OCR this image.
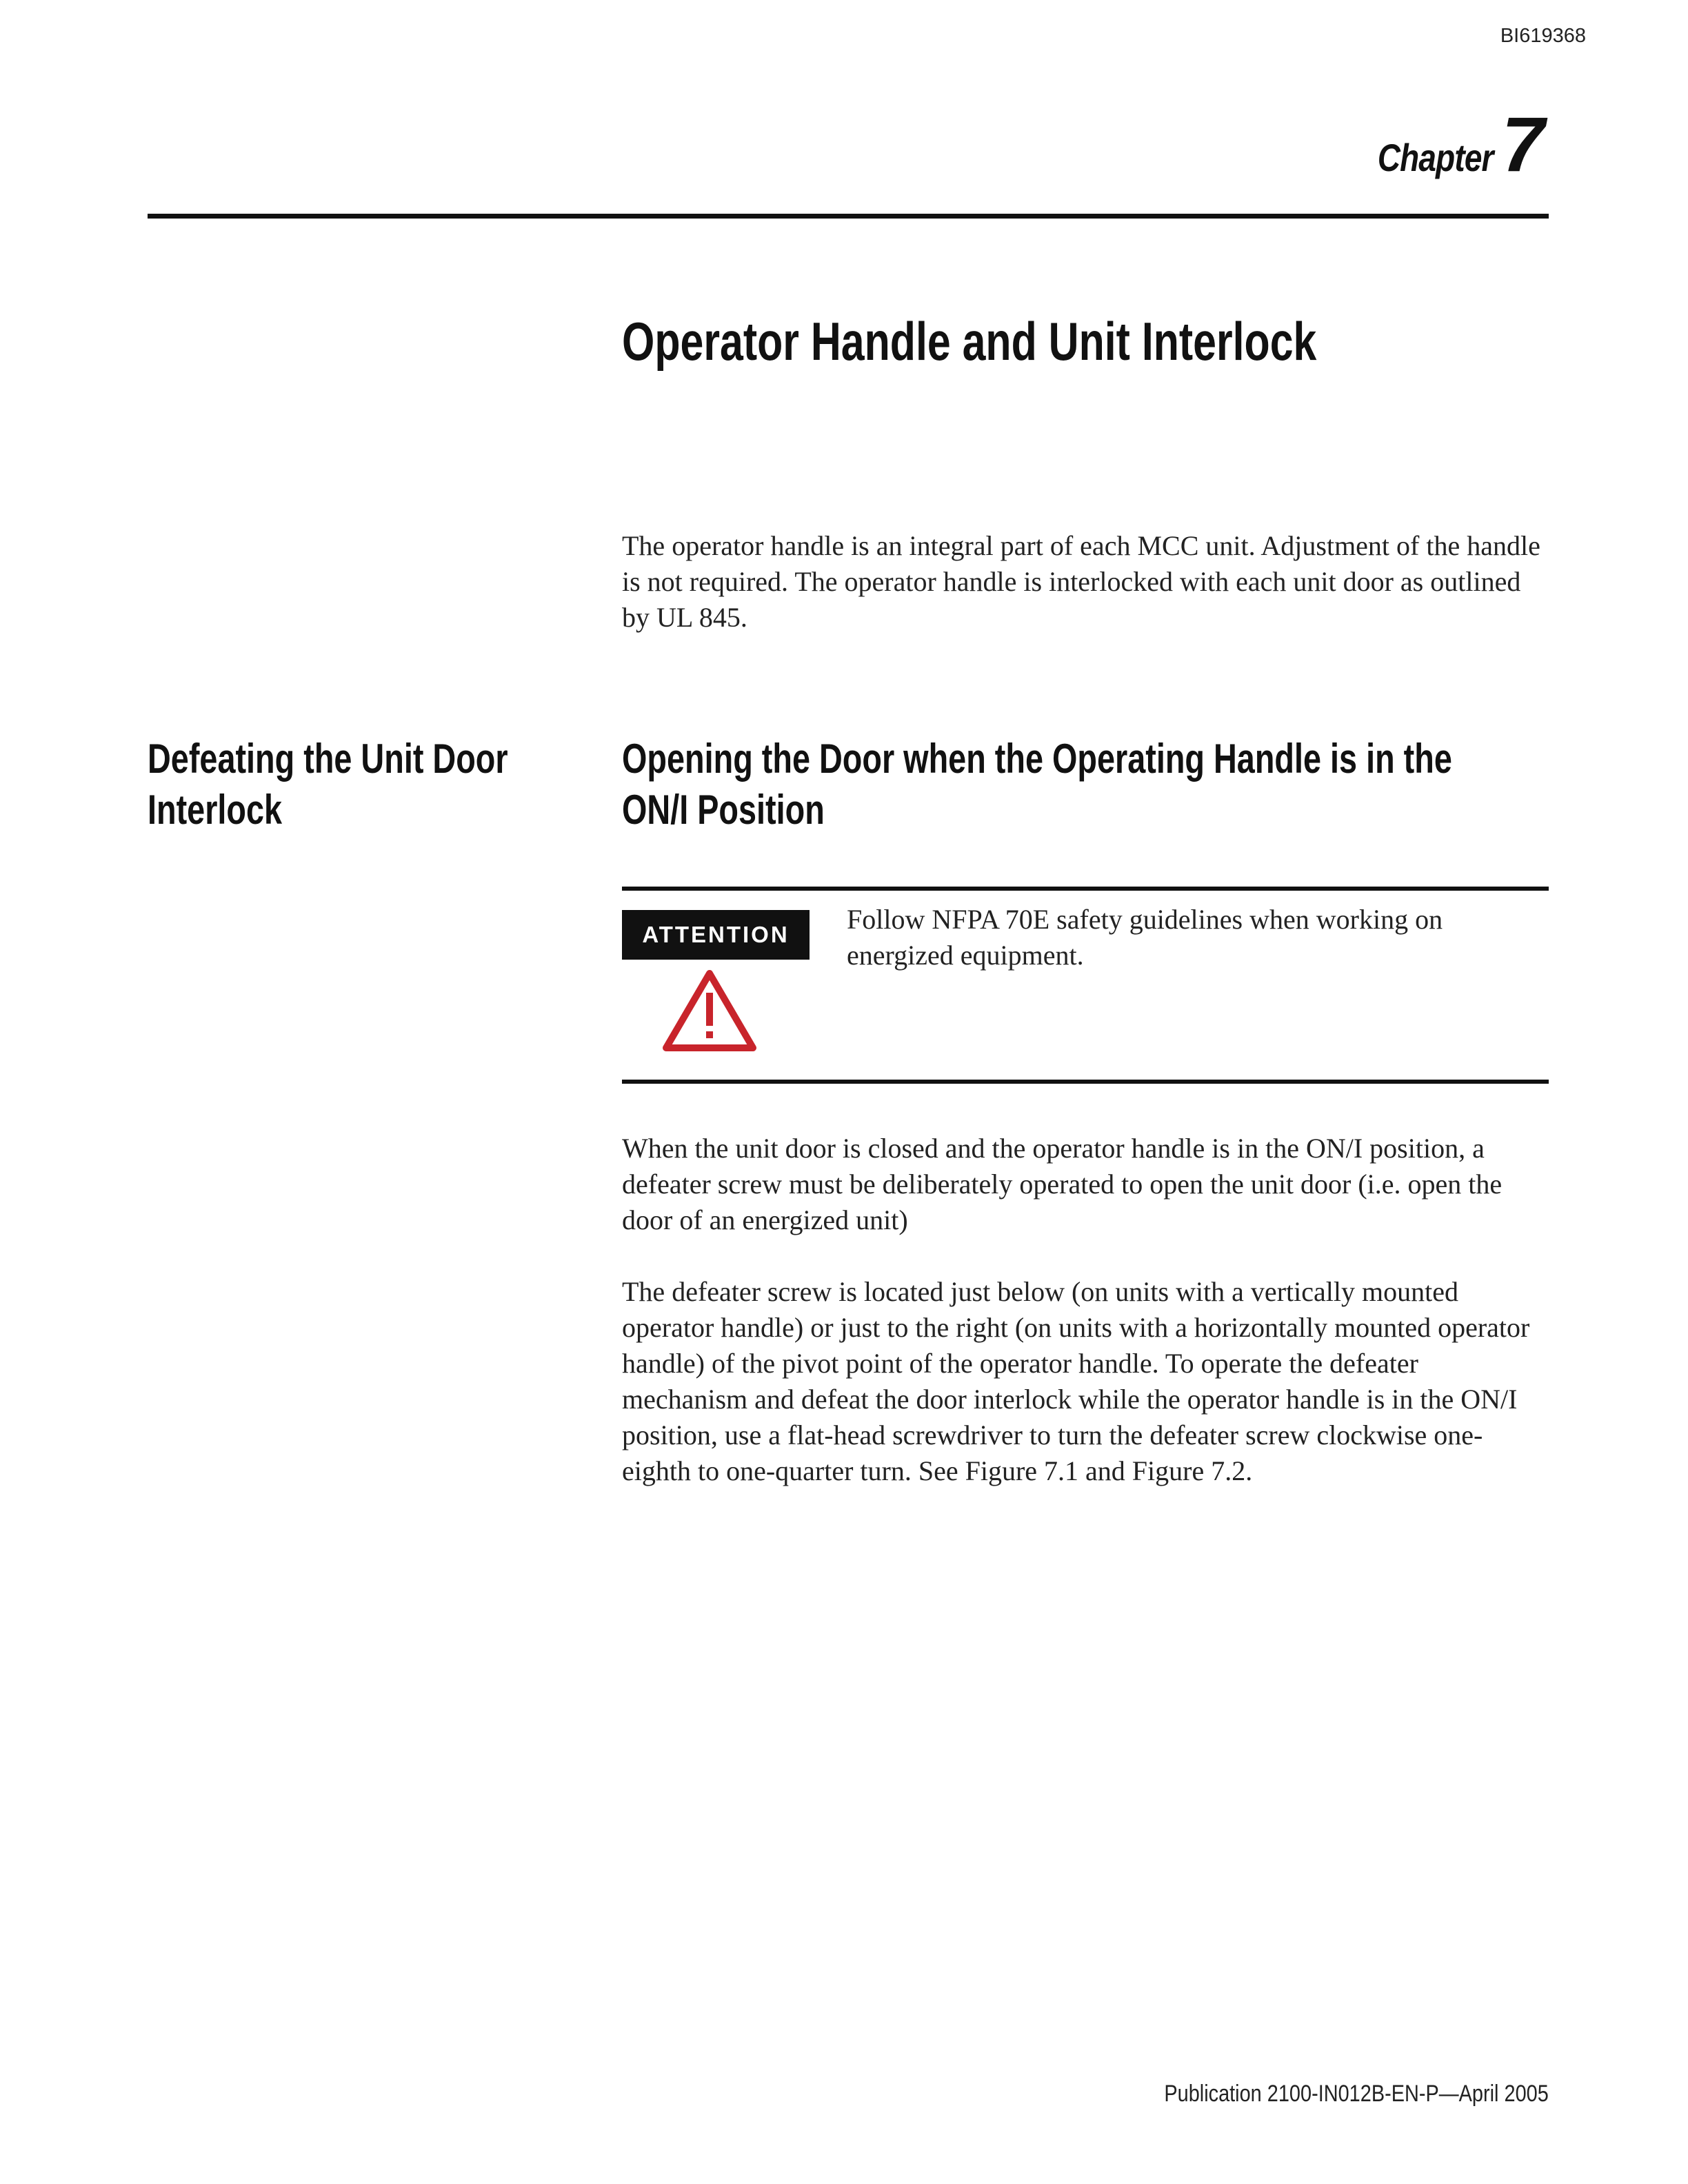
BI619368
Chapter 7
Operator Handle and Unit Interlock
The operator handle is an integral part of each MCC unit. Adjustment of the handle is not required. The operator handle is interlocked with each unit door as outlined by UL 845.
Defeating the Unit Door
Interlock
Opening the Door when the Operating Handle is in the
ON/I Position
ATTENTION	Follow NFPA 70E safety guidelines when working on energized equipment.
When the unit door is closed and the operator handle is in the ON/I position, a defeater screw must be deliberately operated to open the unit door (i.e. open the door of an energized unit)
The defeater screw is located just below (on units with a vertically mounted operator handle) or just to the right (on units with a horizontally mounted operator handle) of the pivot point of the operator handle. To operate the defeater mechanism and defeat the door interlock while the operator handle is in the ON/I position, use a flat-head screwdriver to turn the defeater screw clockwise one-eighth to one-quarter turn. See Figure 7.1 and Figure 7.2.
Publication 2100-IN012B-EN-P—April 2005
